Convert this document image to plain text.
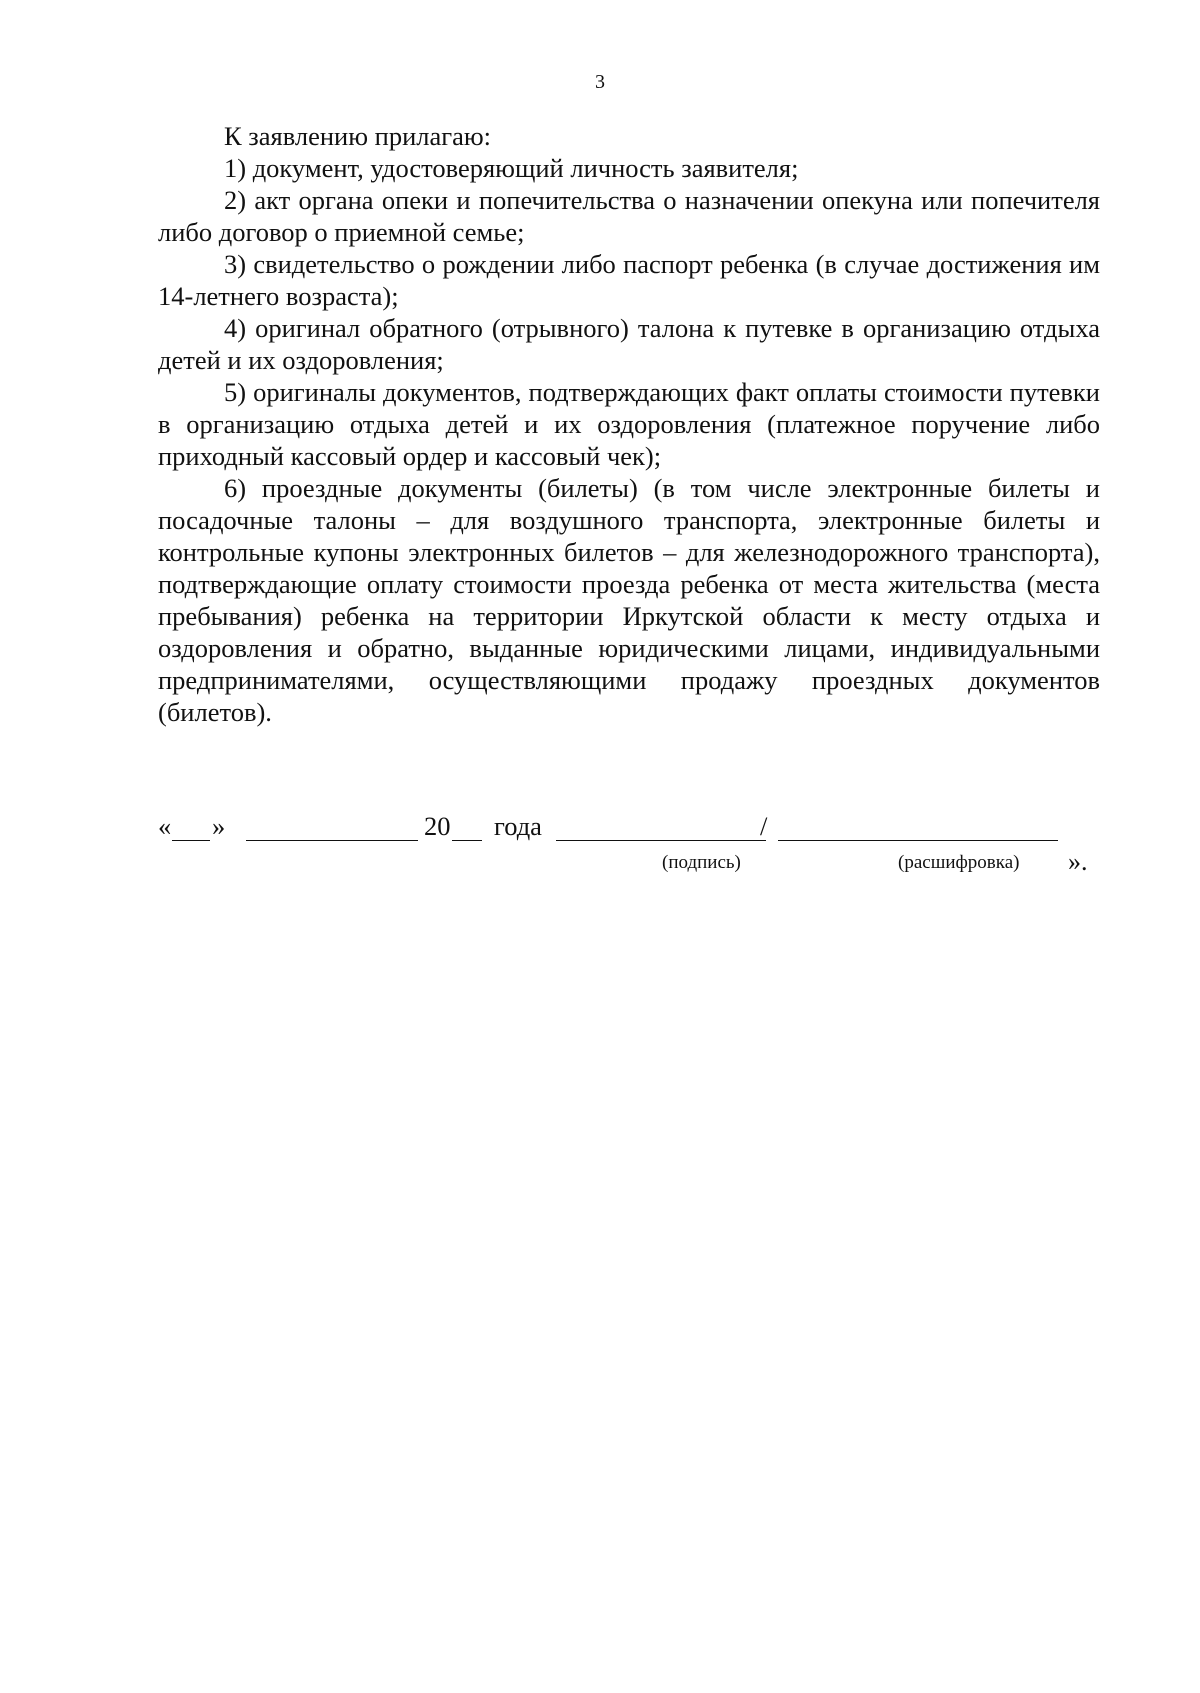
3

К заявлению прилагаю:

1) документ, удостоверяющий личность заявителя;

2) акт органа опеки и попечительства о назначении опекуна или попечителя либо договор о приемной семье;

3) свидетельство о рождении либо паспорт ребенка (в случае достижения им 14-летнего возраста);

4) оригинал обратного (отрывного) талона к путевке в организацию отдыха детей и их оздоровления;

5) оригиналы документов, подтверждающих факт оплаты стоимости путевки в организацию отдыха детей и их оздоровления (платежное поручение либо приходный кассовый ордер и кассовый чек);

6) проездные документы (билеты) (в том числе электронные билеты и посадочные талоны – для воздушного транспорта, электронные билеты и контрольные купоны электронных билетов – для железнодорожного транспорта), подтверждающие оплату стоимости проезда ребенка от места жительства (места пребывания) ребенка на территории Иркутской области к месту отдыха и оздоровления и обратно, выданные юридическими лицами, индивидуальными предпринимателями, осуществляющими продажу проездных документов (билетов).

« »	20 года	/
(подпись)	(расшифровка) ».
